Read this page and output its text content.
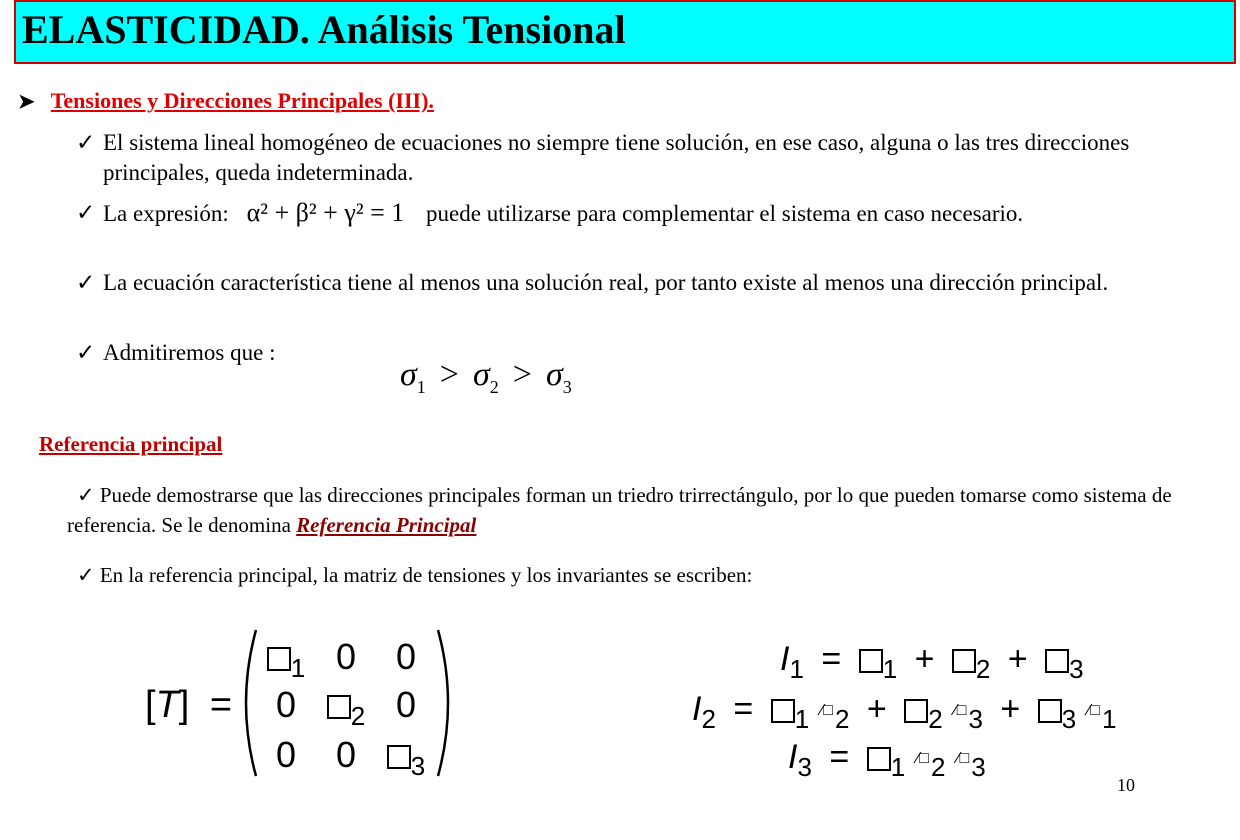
ELASTICIDAD. Análisis Tensional
➤ Tensiones y Direcciones Principales (III).
✓ El sistema lineal homogéneo de ecuaciones no siempre tiene solución, en ese caso, alguna o las tres direcciones principales, queda indeterminada.
✓ La expresión: α² + β² + γ² = 1 puede utilizarse para complementar el sistema en caso necesario.
✓ La ecuación característica tiene al menos una solución real, por tanto existe al menos una dirección principal.
✓ Admitiremos que :
$\sigma_1 > \sigma_2 > \sigma_3$
Referencia principal
✓ Puede demostrarse que las direcciones principales forman un triedro trirrectángulo, por lo que pueden tomarse como sistema de referencia. Se le denomina Referencia Principal
✓ En la referencia principal, la matriz de tensiones y los invariantes se escriben:
[T] =
$_1$ 0	0
0	$_2$ 0
0	0	$_3$
$I_1 = _1 + _2 + _3$
$I_2 = _1$ $∕□_2 + _2$ $∕□_3 + _3$ $∕□_1$
$I_3 = _1$ $∕□_2$ $∕□_3$
10
